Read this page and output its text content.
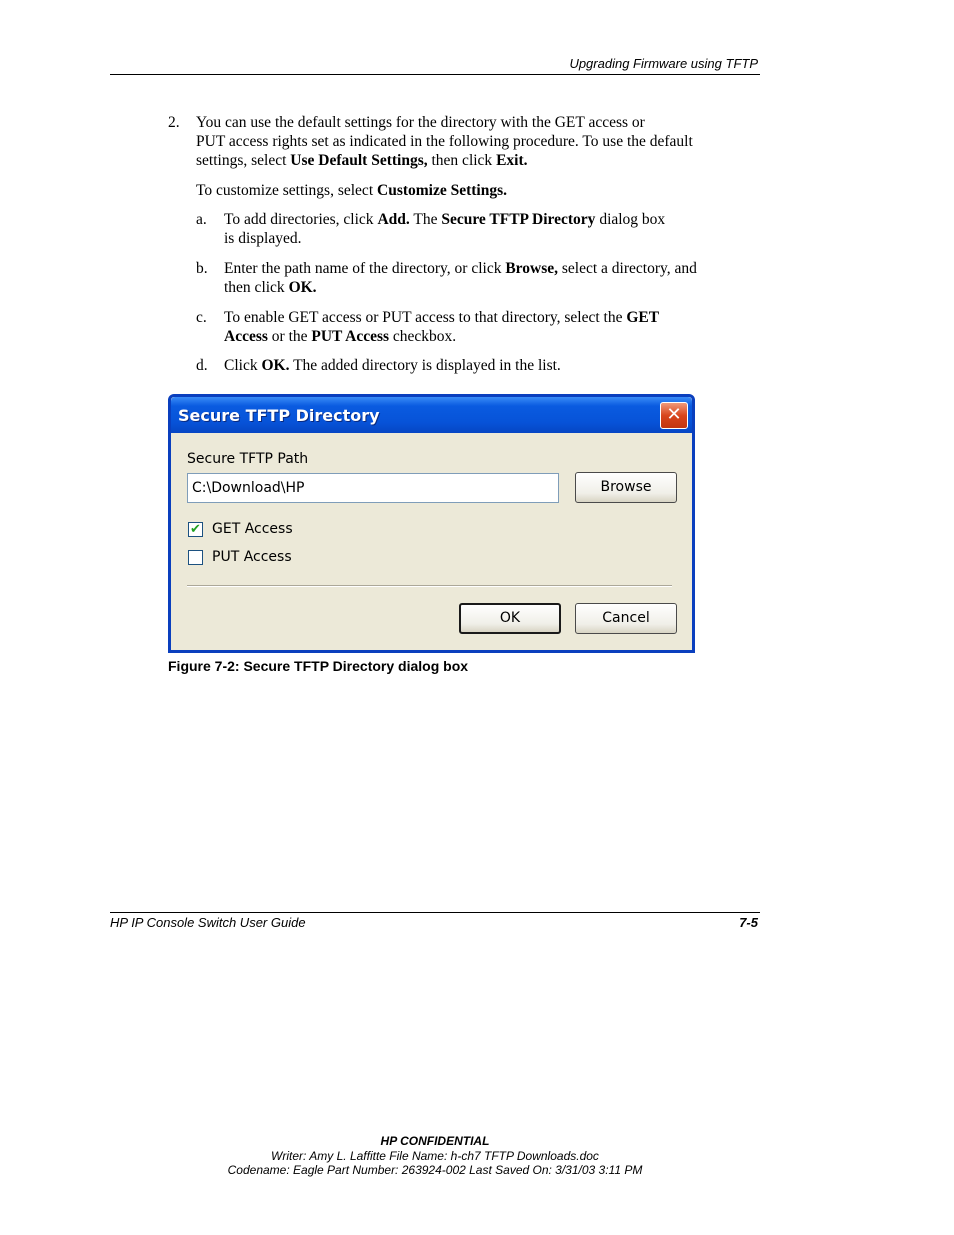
Upgrading Firmware using TFTP
2. You can use the default settings for the directory with the GET access or
PUT access rights set as indicated in the following procedure. To use the default
settings, select Use Default Settings, then click Exit.
To customize settings, select Customize Settings.
a. To add directories, click Add. The Secure TFTP Directory dialog box
is displayed.
b. Enter the path name of the directory, or click Browse, select a directory, and
then click OK.
c. To enable GET access or PUT access to that directory, select the GET
Access or the PUT Access checkbox.
d. Click OK. The added directory is displayed in the list.
Secure TFTP Directory	✕
Secure TFTP Path
C:\Download\HP	Browse
✔ GET Access
PUT Access
OK	Cancel
Figure 7-2: Secure TFTP Directory dialog box
HP IP Console Switch User Guide	7-5
HP CONFIDENTIAL
Writer: Amy L. Laffitte File Name: h-ch7 TFTP Downloads.doc
Codename: Eagle Part Number: 263924-002 Last Saved On: 3/31/03 3:11 PM
